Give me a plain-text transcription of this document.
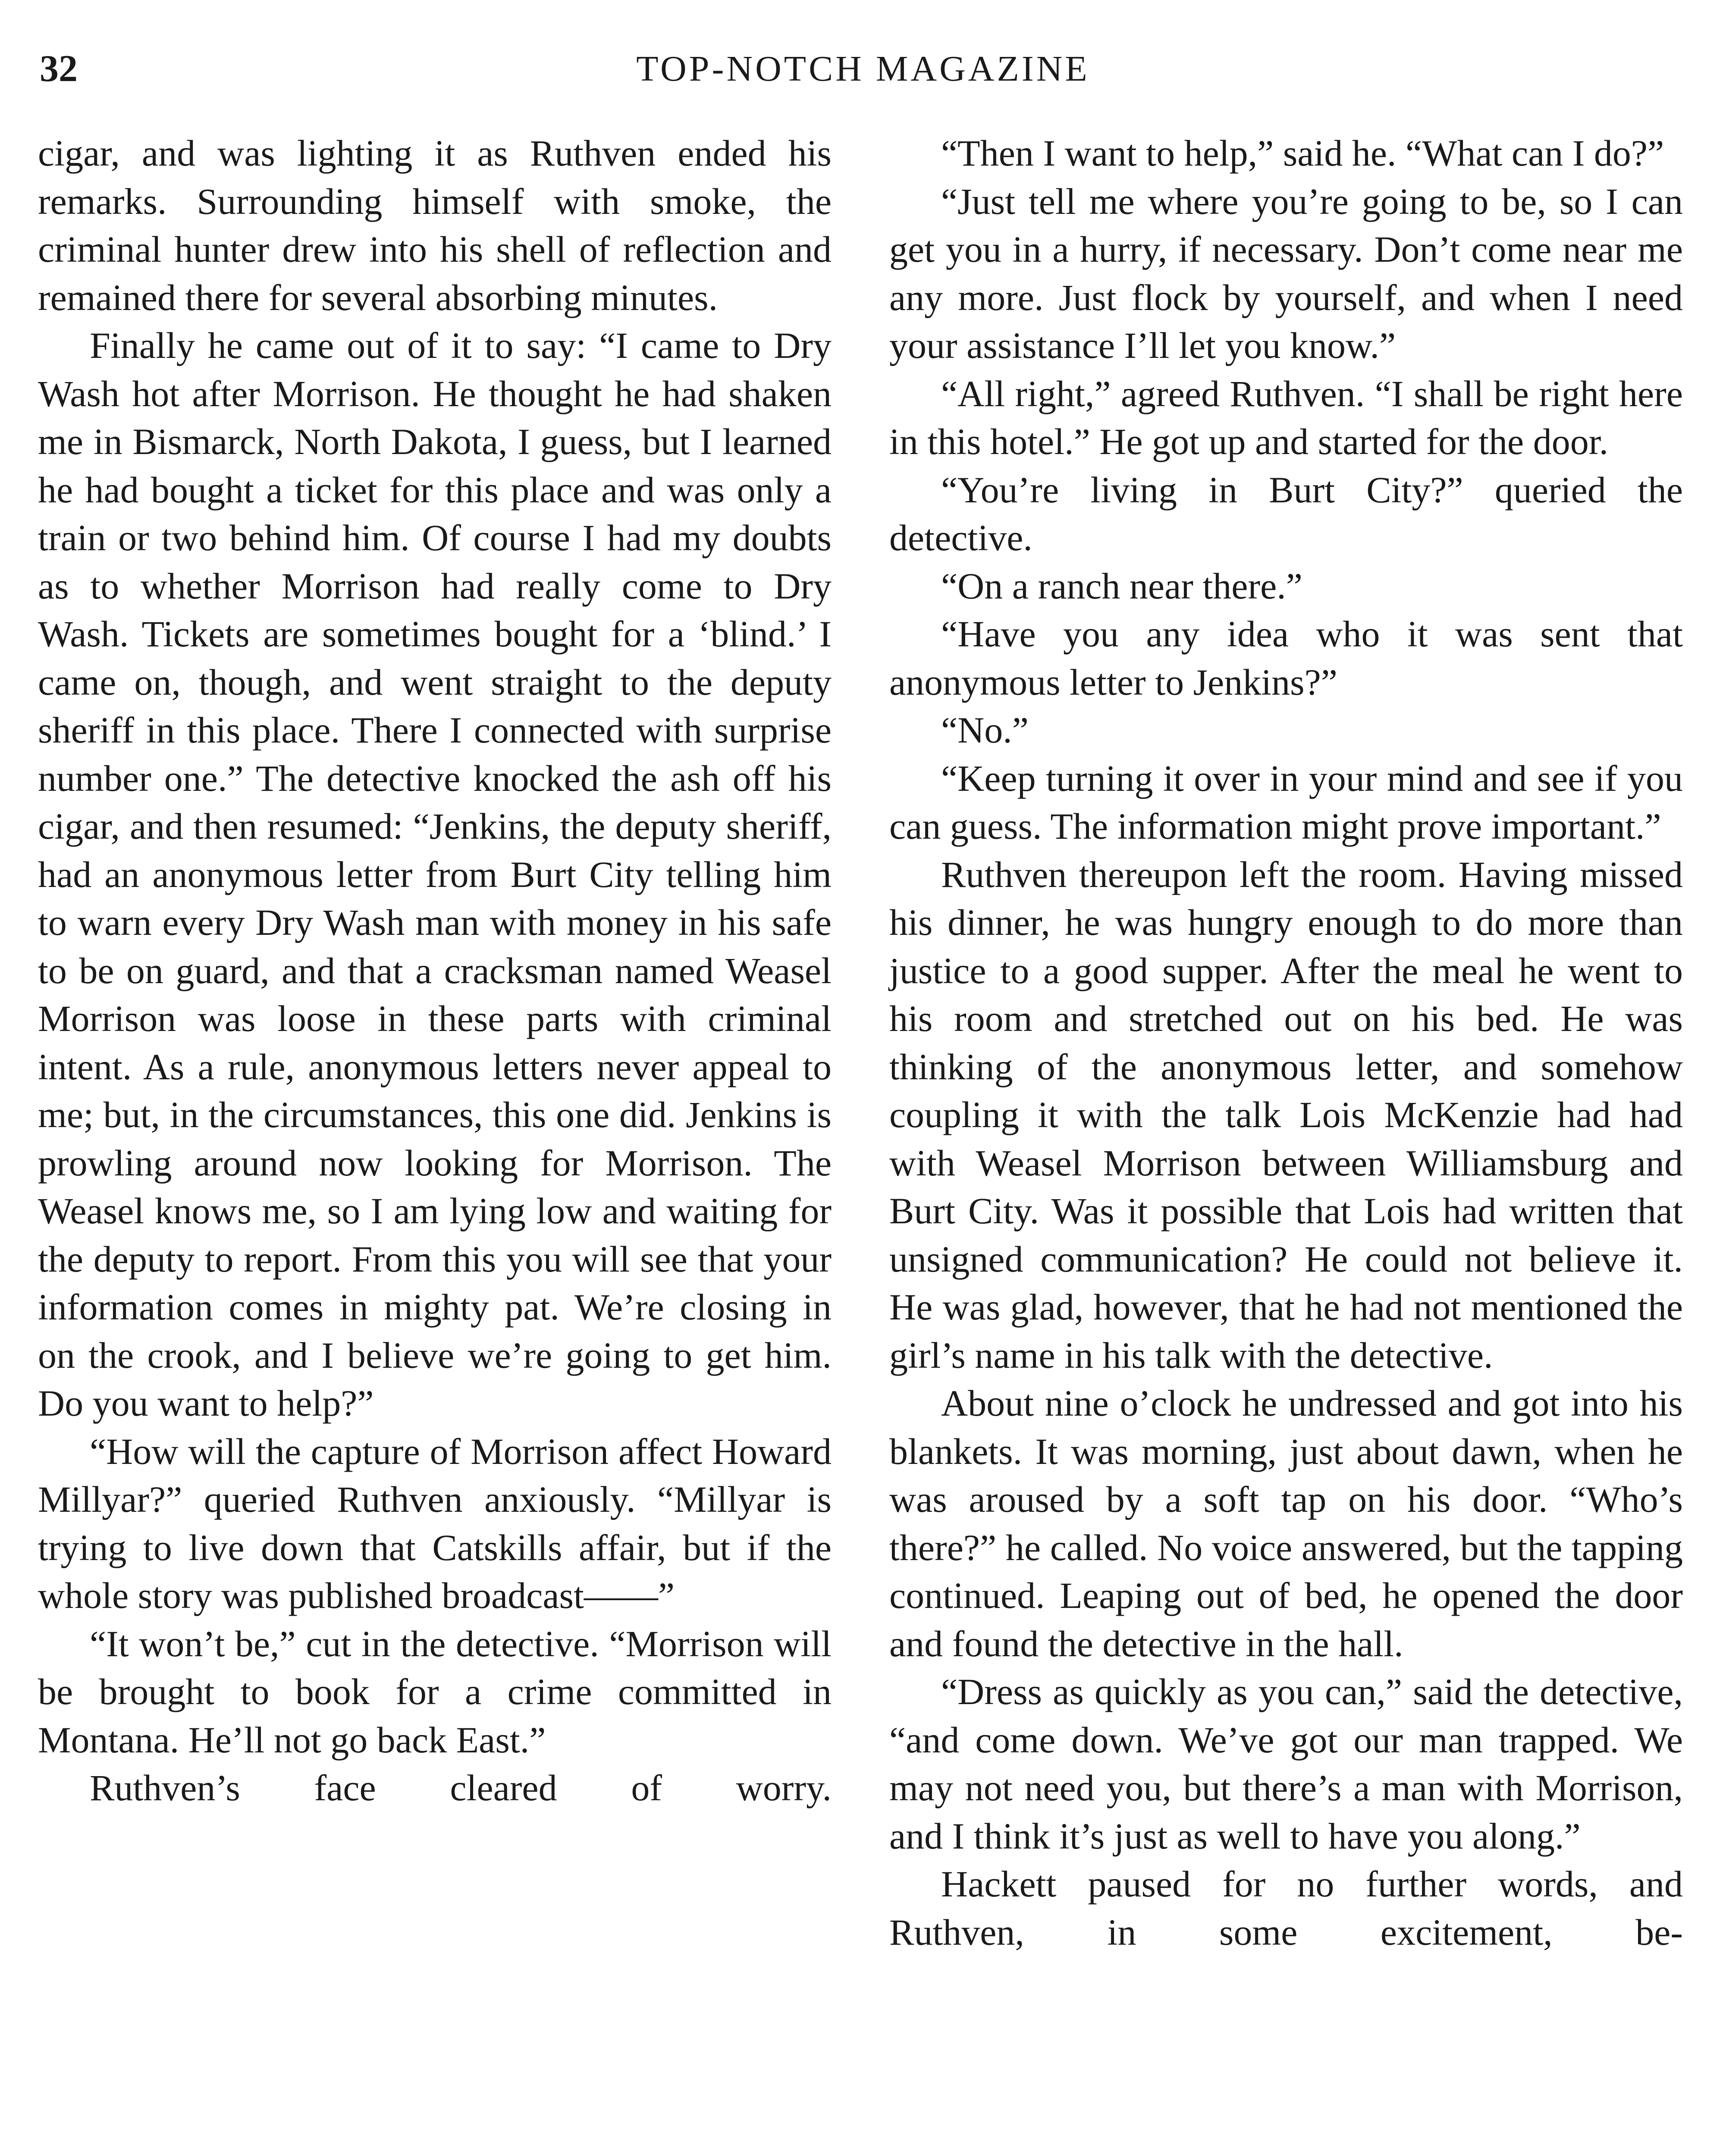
32	TOP-NOTCH MAGAZINE

cigar, and was lighting it as Ruthven ended his remarks. Surrounding himself with smoke, the criminal hunter drew into his shell of reflection and remained there for several absorbing minutes.

Finally he came out of it to say: “I came to Dry Wash hot after Morrison. He thought he had shaken me in Bismarck, North Dakota, I guess, but I learned he had bought a ticket for this place and was only a train or two behind him. Of course I had my doubts as to whether Morrison had really come to Dry Wash. Tickets are sometimes bought for a ‘blind.’ I came on, though, and went straight to the deputy sheriff in this place. There I connected with surprise number one.” The detective knocked the ash off his cigar, and then resumed: “Jenkins, the deputy sheriff, had an anonymous letter from Burt City telling him to warn every Dry Wash man with money in his safe to be on guard, and that a cracksman named Weasel Morrison was loose in these parts with criminal intent. As a rule, anonymous letters never appeal to me; but, in the circumstances, this one did. Jenkins is prowling around now looking for Morrison. The Weasel knows me, so I am lying low and waiting for the deputy to report. From this you will see that your information comes in mighty pat. We’re closing in on the crook, and I believe we’re going to get him. Do you want to help?”

“How will the capture of Morrison affect Howard Millyar?” queried Ruthven anxiously. “Millyar is trying to live down that Catskills affair, but if the whole story was published broadcast——”

“It won’t be,” cut in the detective. “Morrison will be brought to book for a crime committed in Montana. He’ll not go back East.”

Ruthven’s face cleared of worry.

“Then I want to help,” said he. “What can I do?”

“Just tell me where you’re going to be, so I can get you in a hurry, if necessary. Don’t come near me any more. Just flock by yourself, and when I need your assistance I’ll let you know.”

“All right,” agreed Ruthven. “I shall be right here in this hotel.” He got up and started for the door.

“You’re living in Burt City?” queried the detective.

“On a ranch near there.”

“Have you any idea who it was sent that anonymous letter to Jenkins?”

“No.”

“Keep turning it over in your mind and see if you can guess. The information might prove important.”

Ruthven thereupon left the room. Having missed his dinner, he was hungry enough to do more than justice to a good supper. After the meal he went to his room and stretched out on his bed. He was thinking of the anonymous letter, and somehow coupling it with the talk Lois McKenzie had had with Weasel Morrison between Williamsburg and Burt City. Was it possible that Lois had written that unsigned communication? He could not believe it. He was glad, however, that he had not mentioned the girl’s name in his talk with the detective.

About nine o’clock he undressed and got into his blankets. It was morning, just about dawn, when he was aroused by a soft tap on his door. “Who’s there?” he called. No voice answered, but the tapping continued. Leaping out of bed, he opened the door and found the detective in the hall.

“Dress as quickly as you can,” said the detective, “and come down. We’ve got our man trapped. We may not need you, but there’s a man with Morrison, and I think it’s just as well to have you along.”

Hackett paused for no further words, and Ruthven, in some excitement, be-
